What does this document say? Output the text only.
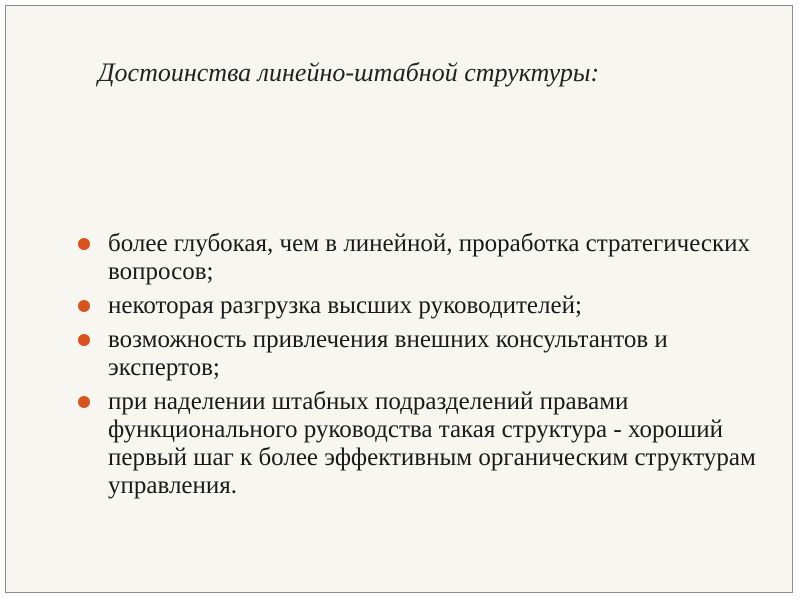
Достоинства линейно-штабной структуры:
более глубокая, чем в линейной, проработка стратегических вопросов;
некоторая разгрузка высших руководителей;
возможность привлечения внешних консультантов и экспертов;
при наделении штабных подразделений правами функционального руководства такая структура - хороший первый шаг к более эффективным органическим структурам управления.
